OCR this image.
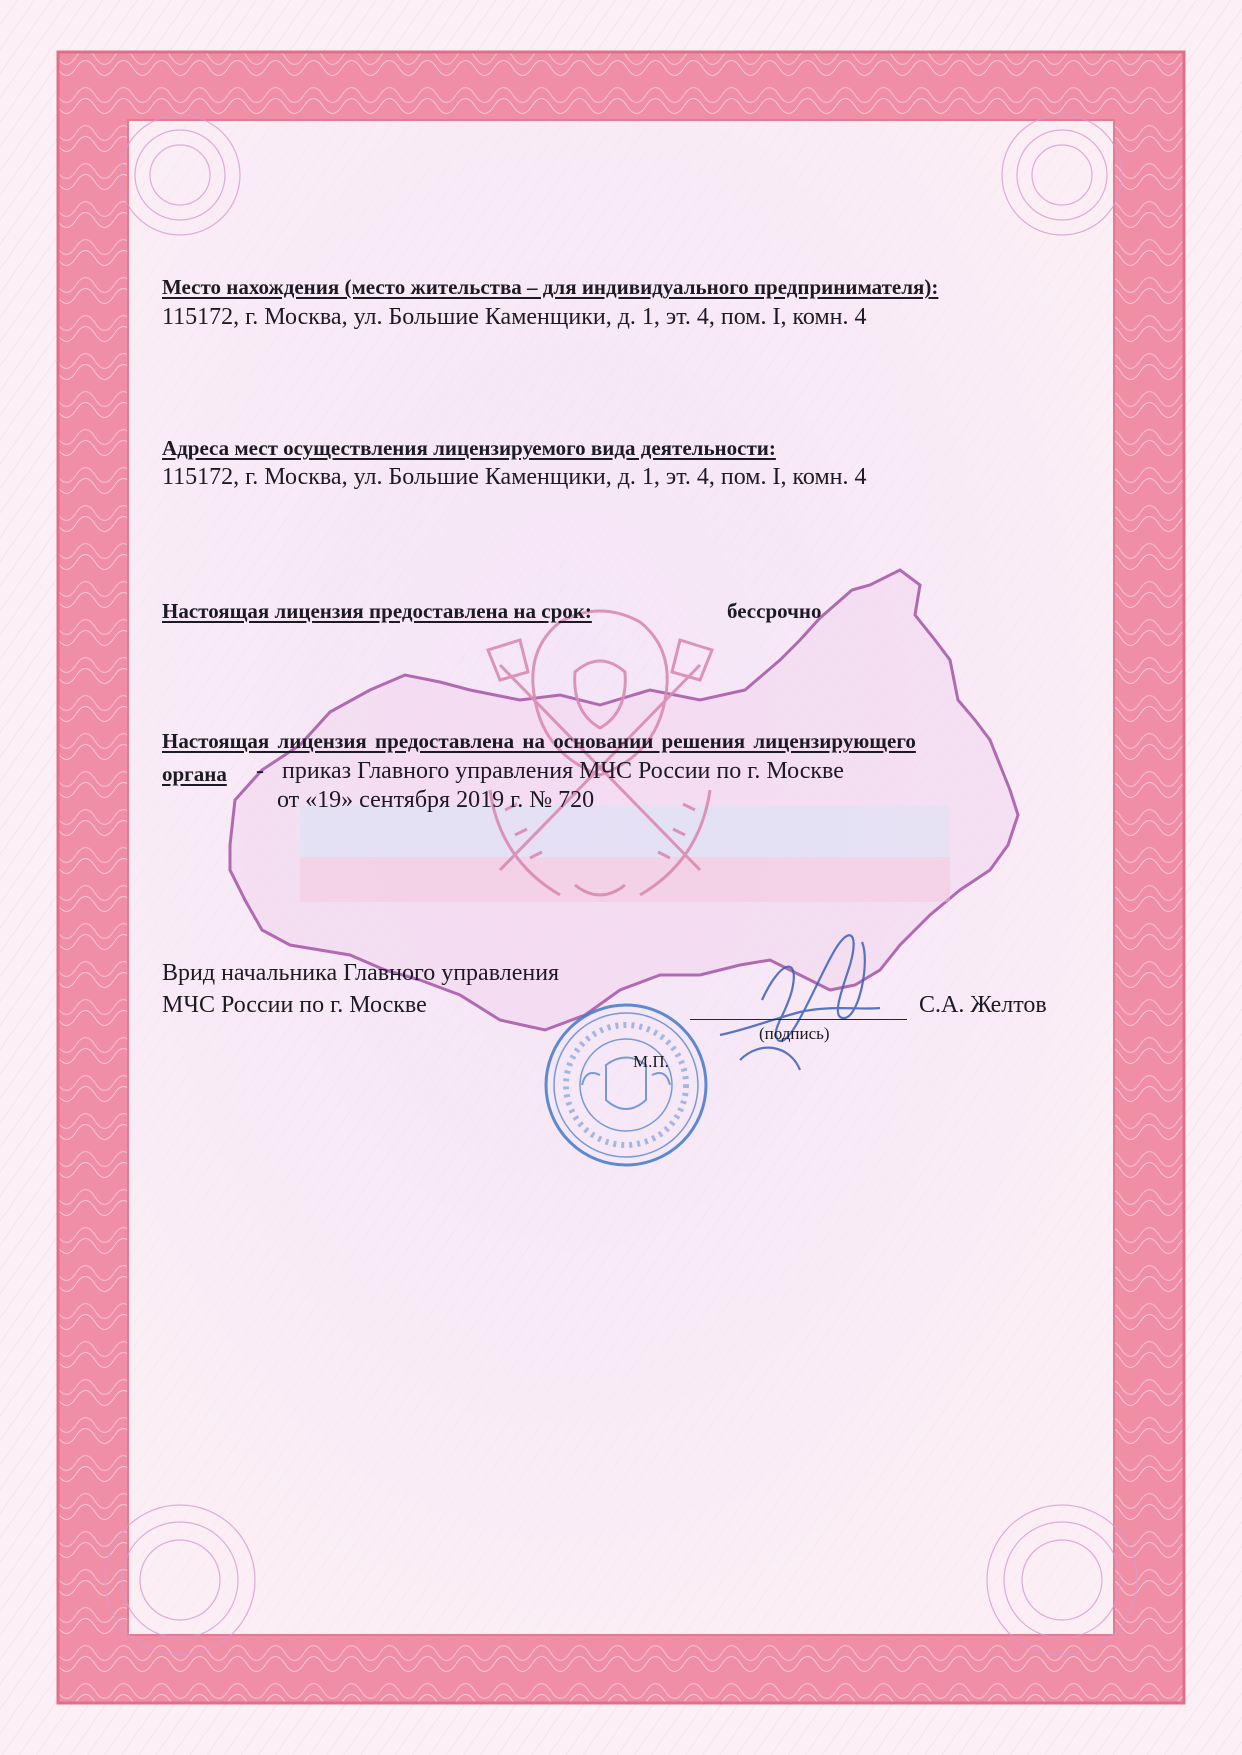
Место нахождения (место жительства – для индивидуального предпринимателя):
115172, г. Москва, ул. Большие Каменщики, д. 1, эт. 4, пом. I, комн. 4
Адреса мест осуществления лицензируемого вида деятельности:
115172, г. Москва, ул. Большие Каменщики, д. 1, эт. 4, пом. I, комн. 4
Настоящая лицензия предоставлена на срок:	бессрочно
Настоящая лицензия предоставлена на основании решения лицензирующего
органа - приказ Главного управления МЧС России по г. Москве
от «19» сентября 2019 г. № 720
Врид начальника Главного управления
МЧС России по г. Москве
(подпись)
С.А. Желтов
М.П.
